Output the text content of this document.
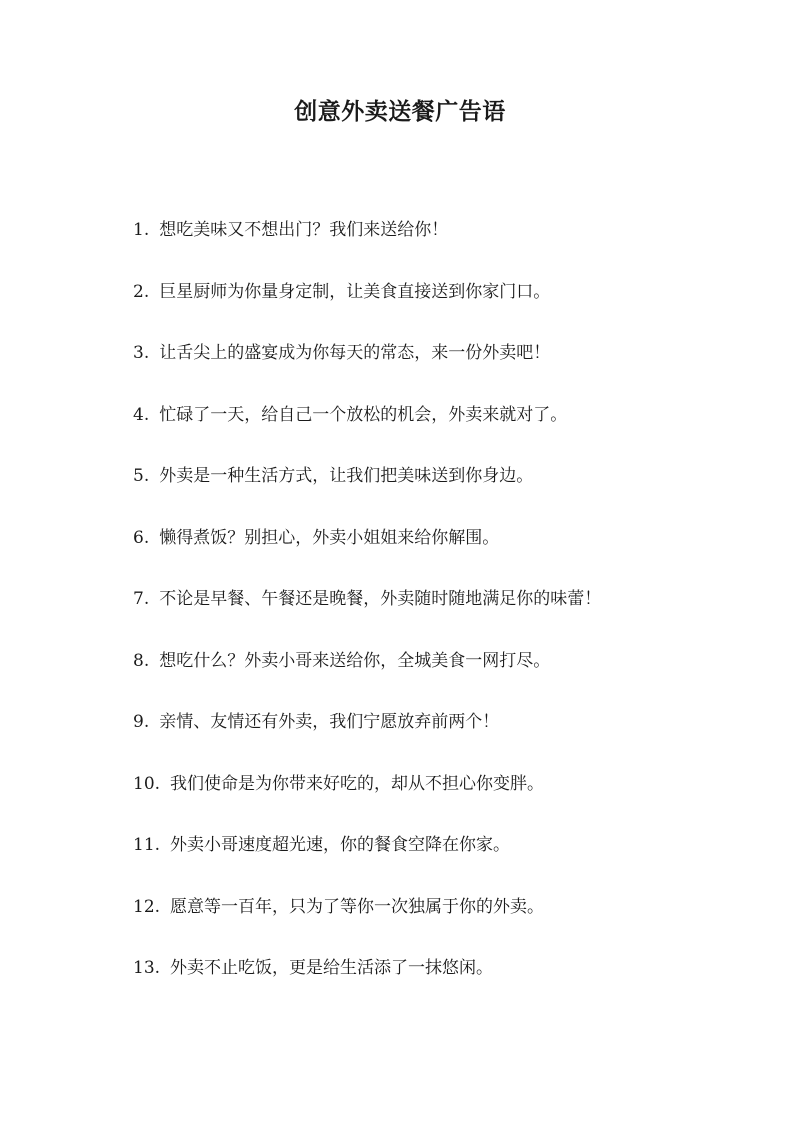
创意外卖送餐广告语
1. 想吃美味又不想出门？我们来送给你！
2. 巨星厨师为你量身定制，让美食直接送到你家门口。
3. 让舌尖上的盛宴成为你每天的常态，来一份外卖吧！
4. 忙碌了一天，给自己一个放松的机会，外卖来就对了。
5. 外卖是一种生活方式，让我们把美味送到你身边。
6. 懒得煮饭？别担心，外卖小姐姐来给你解围。
7. 不论是早餐、午餐还是晚餐，外卖随时随地满足你的味蕾！
8. 想吃什么？外卖小哥来送给你，全城美食一网打尽。
9. 亲情、友情还有外卖，我们宁愿放弃前两个！
10. 我们使命是为你带来好吃的，却从不担心你变胖。
11. 外卖小哥速度超光速，你的餐食空降在你家。
12. 愿意等一百年，只为了等你一次独属于你的外卖。
13. 外卖不止吃饭，更是给生活添了一抹悠闲。
